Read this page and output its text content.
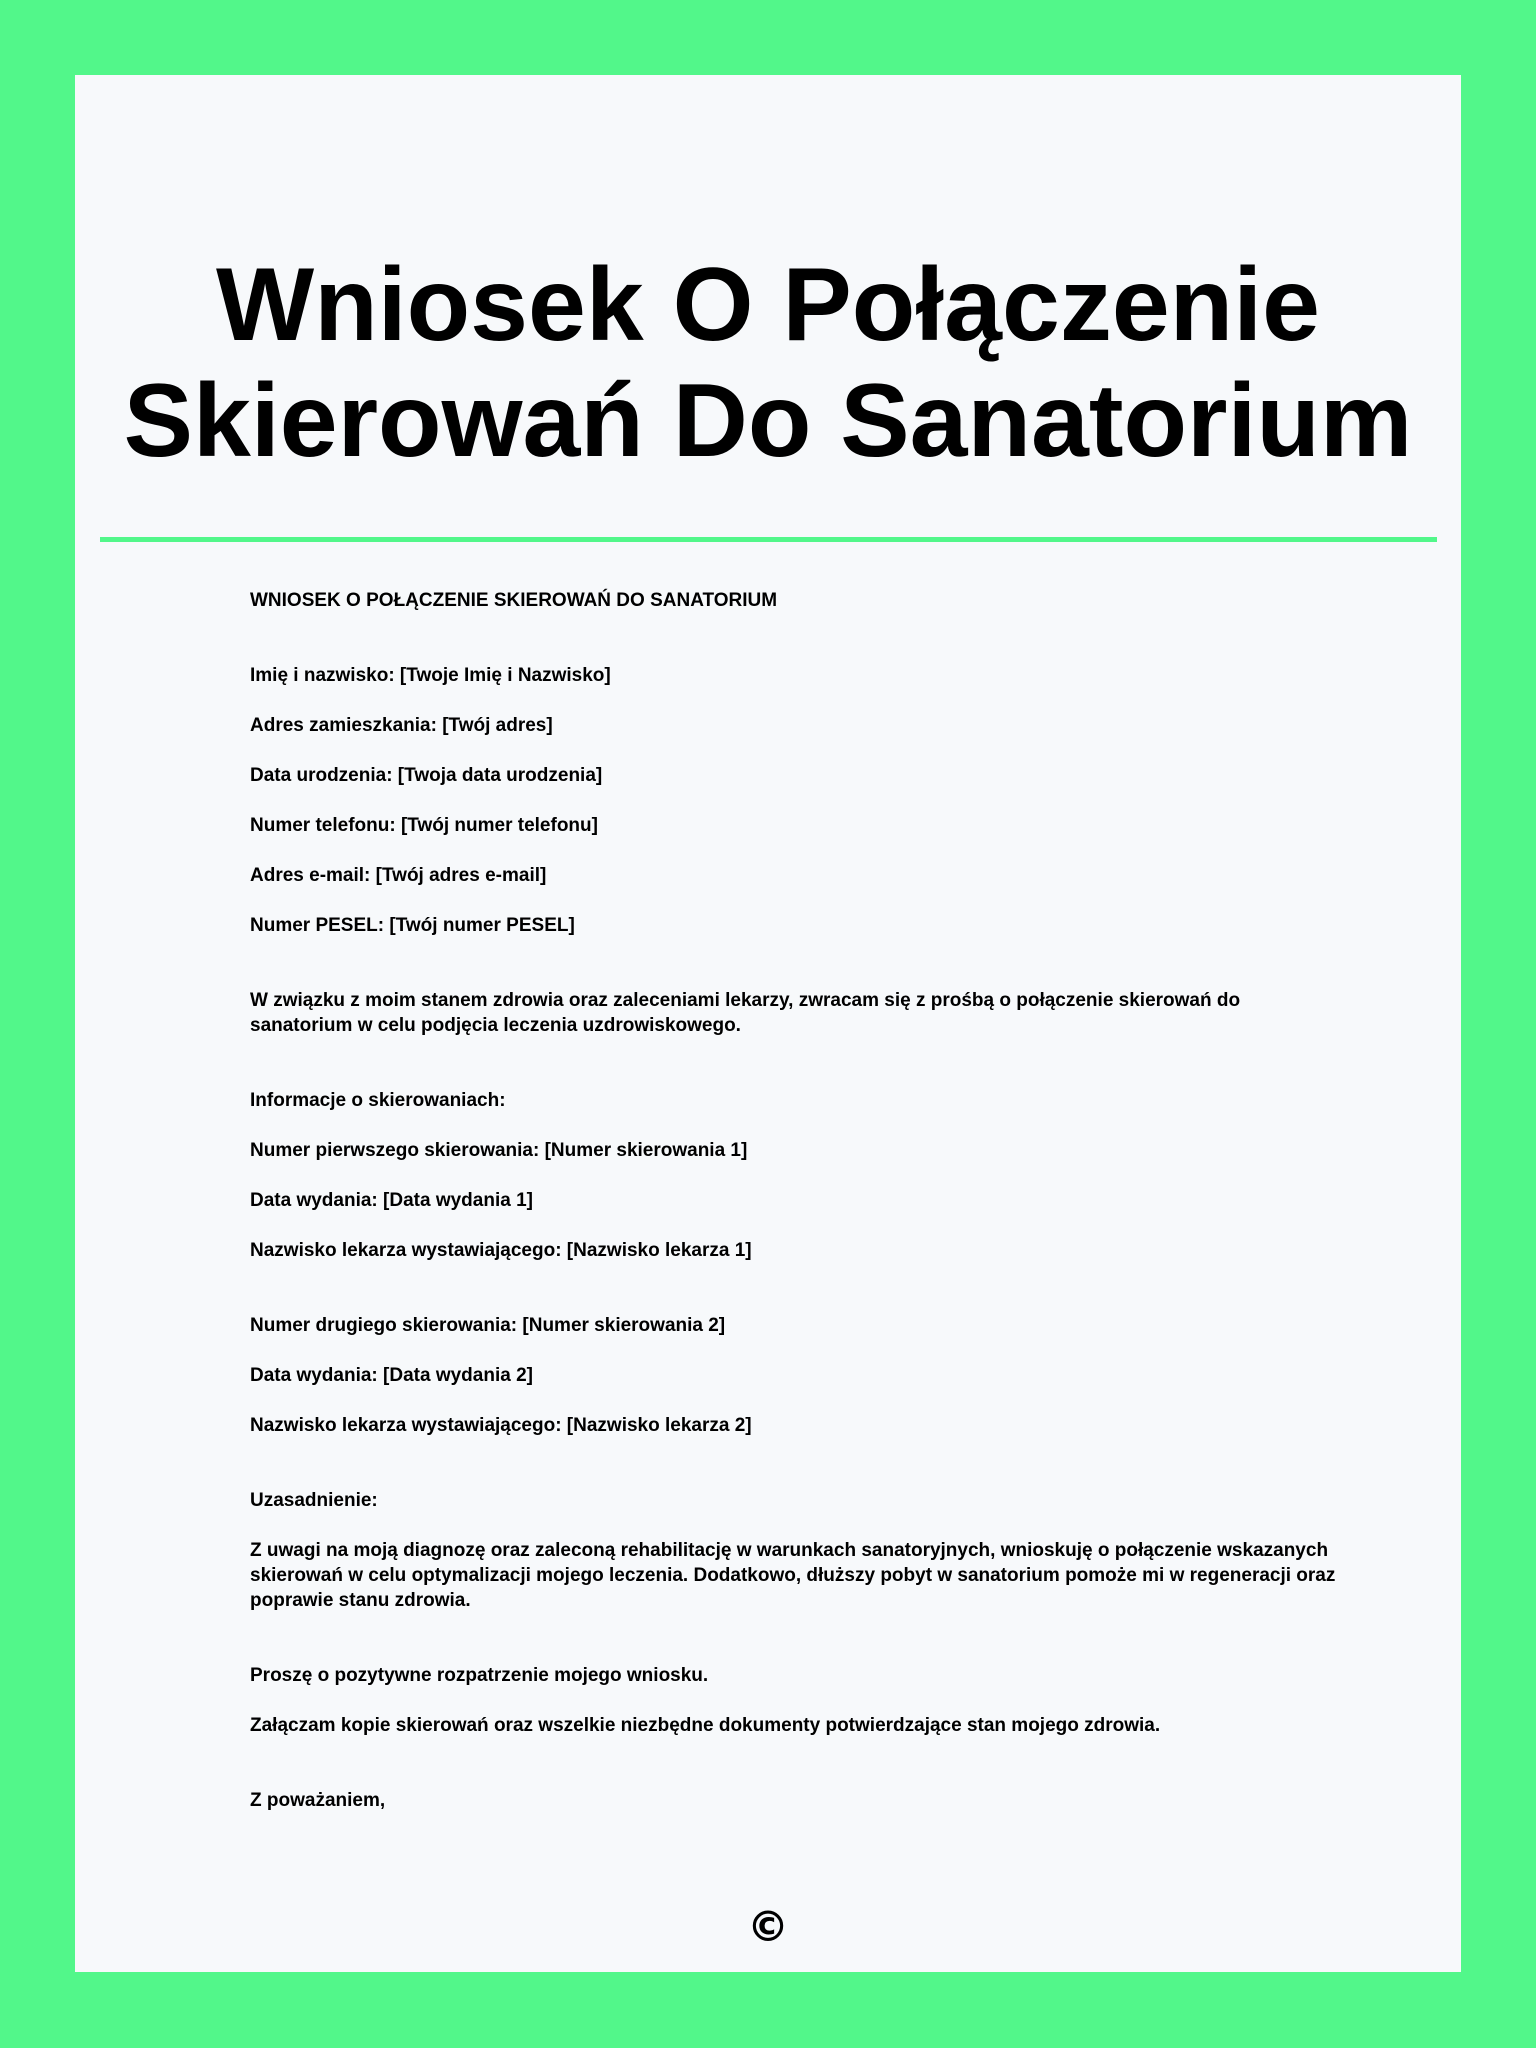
Wniosek O Połączenie
Skierowań Do Sanatorium

WNIOSEK O POŁĄCZENIE SKIEROWAŃ DO SANATORIUM

Imię i nazwisko: [Twoje Imię i Nazwisko]

Adres zamieszkania: [Twój adres]

Data urodzenia: [Twoja data urodzenia]

Numer telefonu: [Twój numer telefonu]

Adres e-mail: [Twój adres e-mail]

Numer PESEL: [Twój numer PESEL]

W związku z moim stanem zdrowia oraz zaleceniami lekarzy, zwracam się z prośbą o połączenie skierowań do sanatorium w celu podjęcia leczenia uzdrowiskowego.

Informacje o skierowaniach:

Numer pierwszego skierowania: [Numer skierowania 1]

Data wydania: [Data wydania 1]

Nazwisko lekarza wystawiającego: [Nazwisko lekarza 1]

Numer drugiego skierowania: [Numer skierowania 2]

Data wydania: [Data wydania 2]

Nazwisko lekarza wystawiającego: [Nazwisko lekarza 2]

Uzasadnienie:

Z uwagi na moją diagnozę oraz zaleconą rehabilitację w warunkach sanatoryjnych, wnioskuję o połączenie wskazanych skierowań w celu optymalizacji mojego leczenia. Dodatkowo, dłuższy pobyt w sanatorium pomoże mi w regeneracji oraz poprawie stanu zdrowia.

Proszę o pozytywne rozpatrzenie mojego wniosku.

Załączam kopie skierowań oraz wszelkie niezbędne dokumenty potwierdzające stan mojego zdrowia.

Z poważaniem,

©
